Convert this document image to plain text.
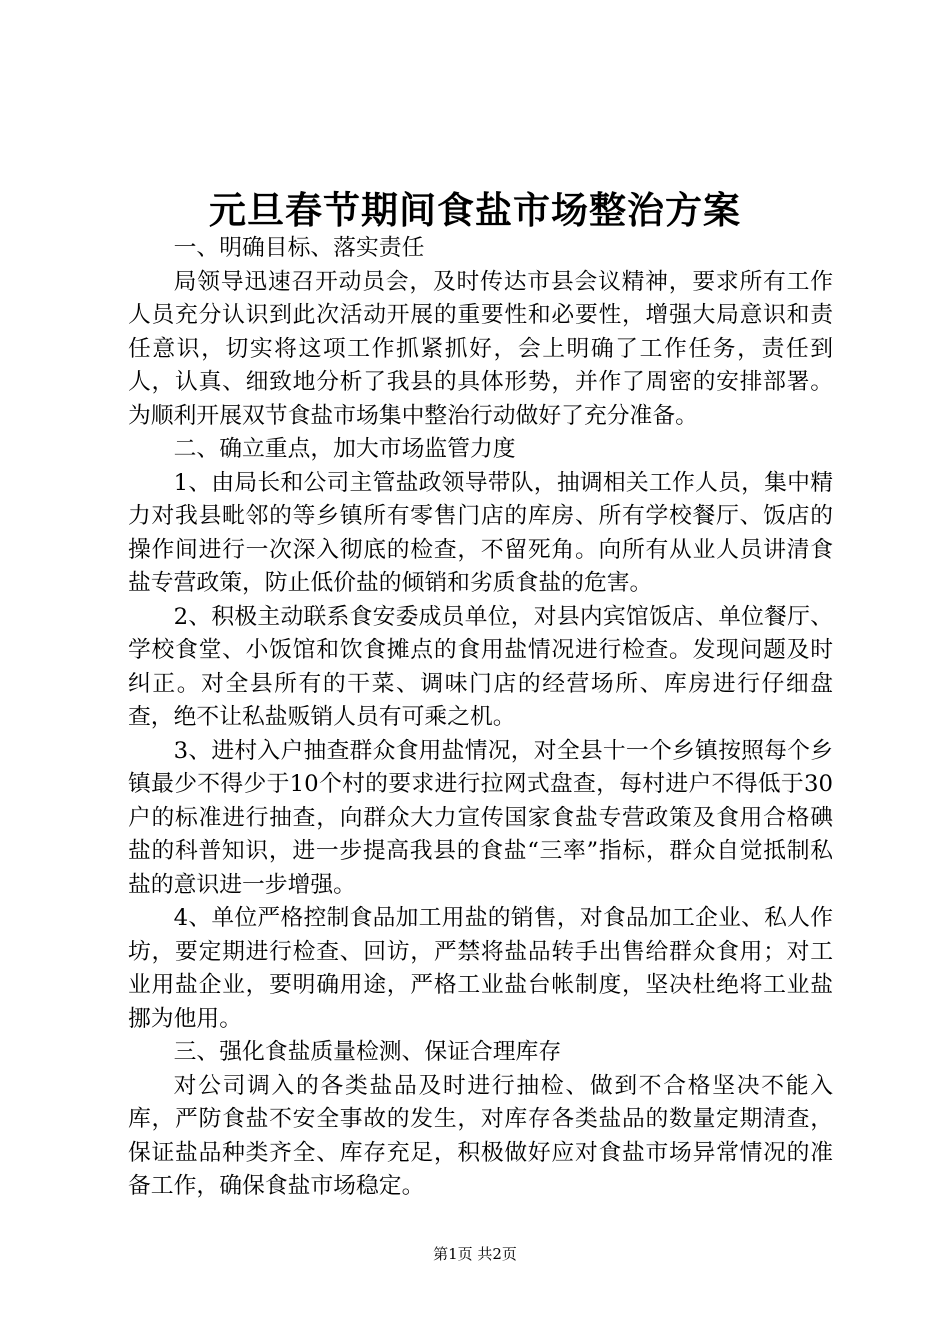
元旦春节期间食盐市场整治方案

一、明确目标、落实责任

局领导迅速召开动员会，及时传达市县会议精神，要求所有工作人员充分认识到此次活动开展的重要性和必要性，增强大局意识和责任意识，切实将这项工作抓紧抓好，会上明确了工作任务，责任到人，认真、细致地分析了我县的具体形势，并作了周密的安排部署。为顺利开展双节食盐市场集中整治行动做好了充分准备。

二、确立重点，加大市场监管力度

1、由局长和公司主管盐政领导带队，抽调相关工作人员，集中精力对我县毗邻的等乡镇所有零售门店的库房、所有学校餐厅、饭店的操作间进行一次深入彻底的检查，不留死角。向所有从业人员讲清食盐专营政策，防止低价盐的倾销和劣质食盐的危害。

2、积极主动联系食安委成员单位，对县内宾馆饭店、单位餐厅、学校食堂、小饭馆和饮食摊点的食用盐情况进行检查。发现问题及时纠正。对全县所有的干菜、调味门店的经营场所、库房进行仔细盘查，绝不让私盐贩销人员有可乘之机。

3、进村入户抽查群众食用盐情况，对全县十一个乡镇按照每个乡镇最少不得少于10个村的要求进行拉网式盘查，每村进户不得低于30户的标准进行抽查，向群众大力宣传国家食盐专营政策及食用合格碘盐的科普知识，进一步提高我县的食盐“三率”指标，群众自觉抵制私盐的意识进一步增强。

4、单位严格控制食品加工用盐的销售，对食品加工企业、私人作坊，要定期进行检查、回访，严禁将盐品转手出售给群众食用；对工业用盐企业，要明确用途，严格工业盐台帐制度，坚决杜绝将工业盐挪为他用。

三、强化食盐质量检测、保证合理库存

对公司调入的各类盐品及时进行抽检、做到不合格坚决不能入库，严防食盐不安全事故的发生，对库存各类盐品的数量定期清查，保证盐品种类齐全、库存充足，积极做好应对食盐市场异常情况的准备工作，确保食盐市场稳定。

第1页 共2页
